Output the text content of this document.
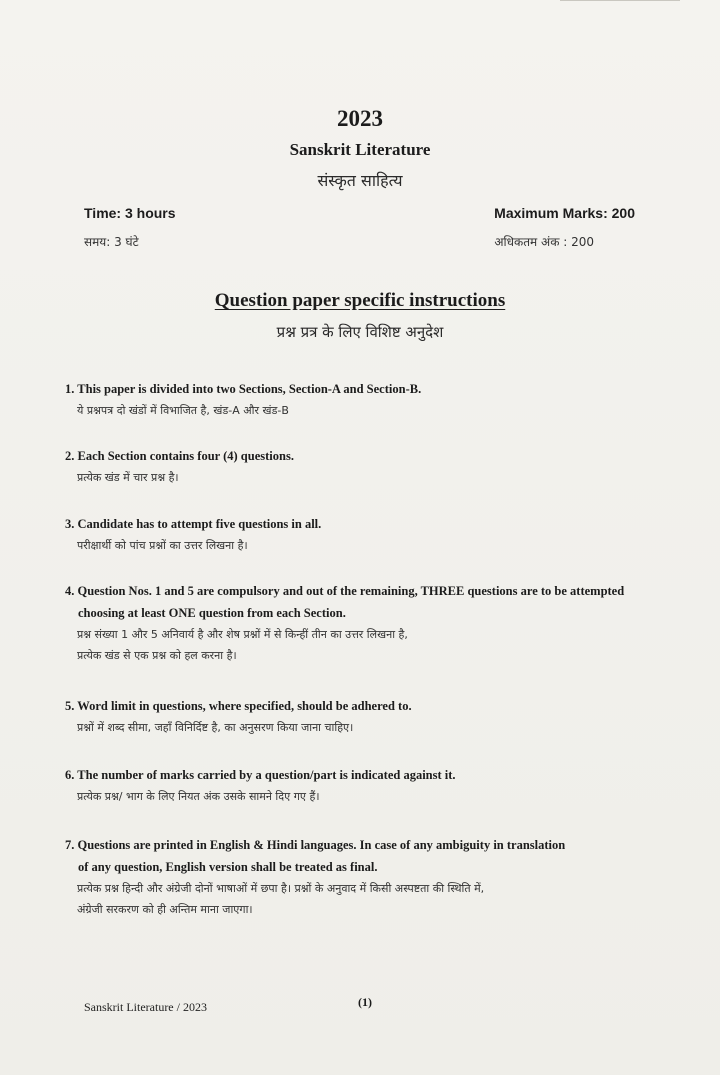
2023
Sanskrit Literature
संस्कृत साहित्य
Time: 3 hours
समय: 3 घंटे
Maximum Marks: 200
अधिकतम अंक : 200
Question paper specific instructions
प्रश्न प्रत्र के लिए विशिष्ट अनुदेश
1. This paper is divided into two Sections, Section-A and Section-B.
ये प्रश्नपत्र दो खंडों में विभाजित है, खंड-A और खंड-B
2. Each Section contains four (4) questions.
प्रत्येक खंड में चार प्रश्न है।
3. Candidate has to attempt five questions in all.
परीक्षार्थी को पांच प्रश्नों का उत्तर लिखना है।
4. Question Nos. 1 and 5 are compulsory and out of the remaining, THREE questions are to be attempted
choosing at least ONE question from each Section.
प्रश्न संख्या 1 और 5 अनिवार्य है और शेष प्रश्नों में से किन्हीं तीन का उत्तर लिखना है,
प्रत्येक खंड से एक प्रश्न को हल करना है।
5. Word limit in questions, where specified, should be adhered to.
प्रश्नों में शब्द सीमा, जहाँ विनिर्दिष्ट है, का अनुसरण किया जाना चाहिए।
6. The number of marks carried by a question/part is indicated against it.
प्रत्येक प्रश्न/ भाग के लिए नियत अंक उसके सामने दिए गए हैं।
7. Questions are printed in English & Hindi languages. In case of any ambiguity in translation
of any question, English version shall be treated as final.
प्रत्येक प्रश्न हिन्दी और अंग्रेजी दोनों भाषाओं में छपा है। प्रश्नों के अनुवाद में किसी अस्पष्टता की स्थिति में,
अंग्रेजी सरकरण को ही अन्तिम माना जाएगा।
Sanskrit Literature / 2023	(1)
